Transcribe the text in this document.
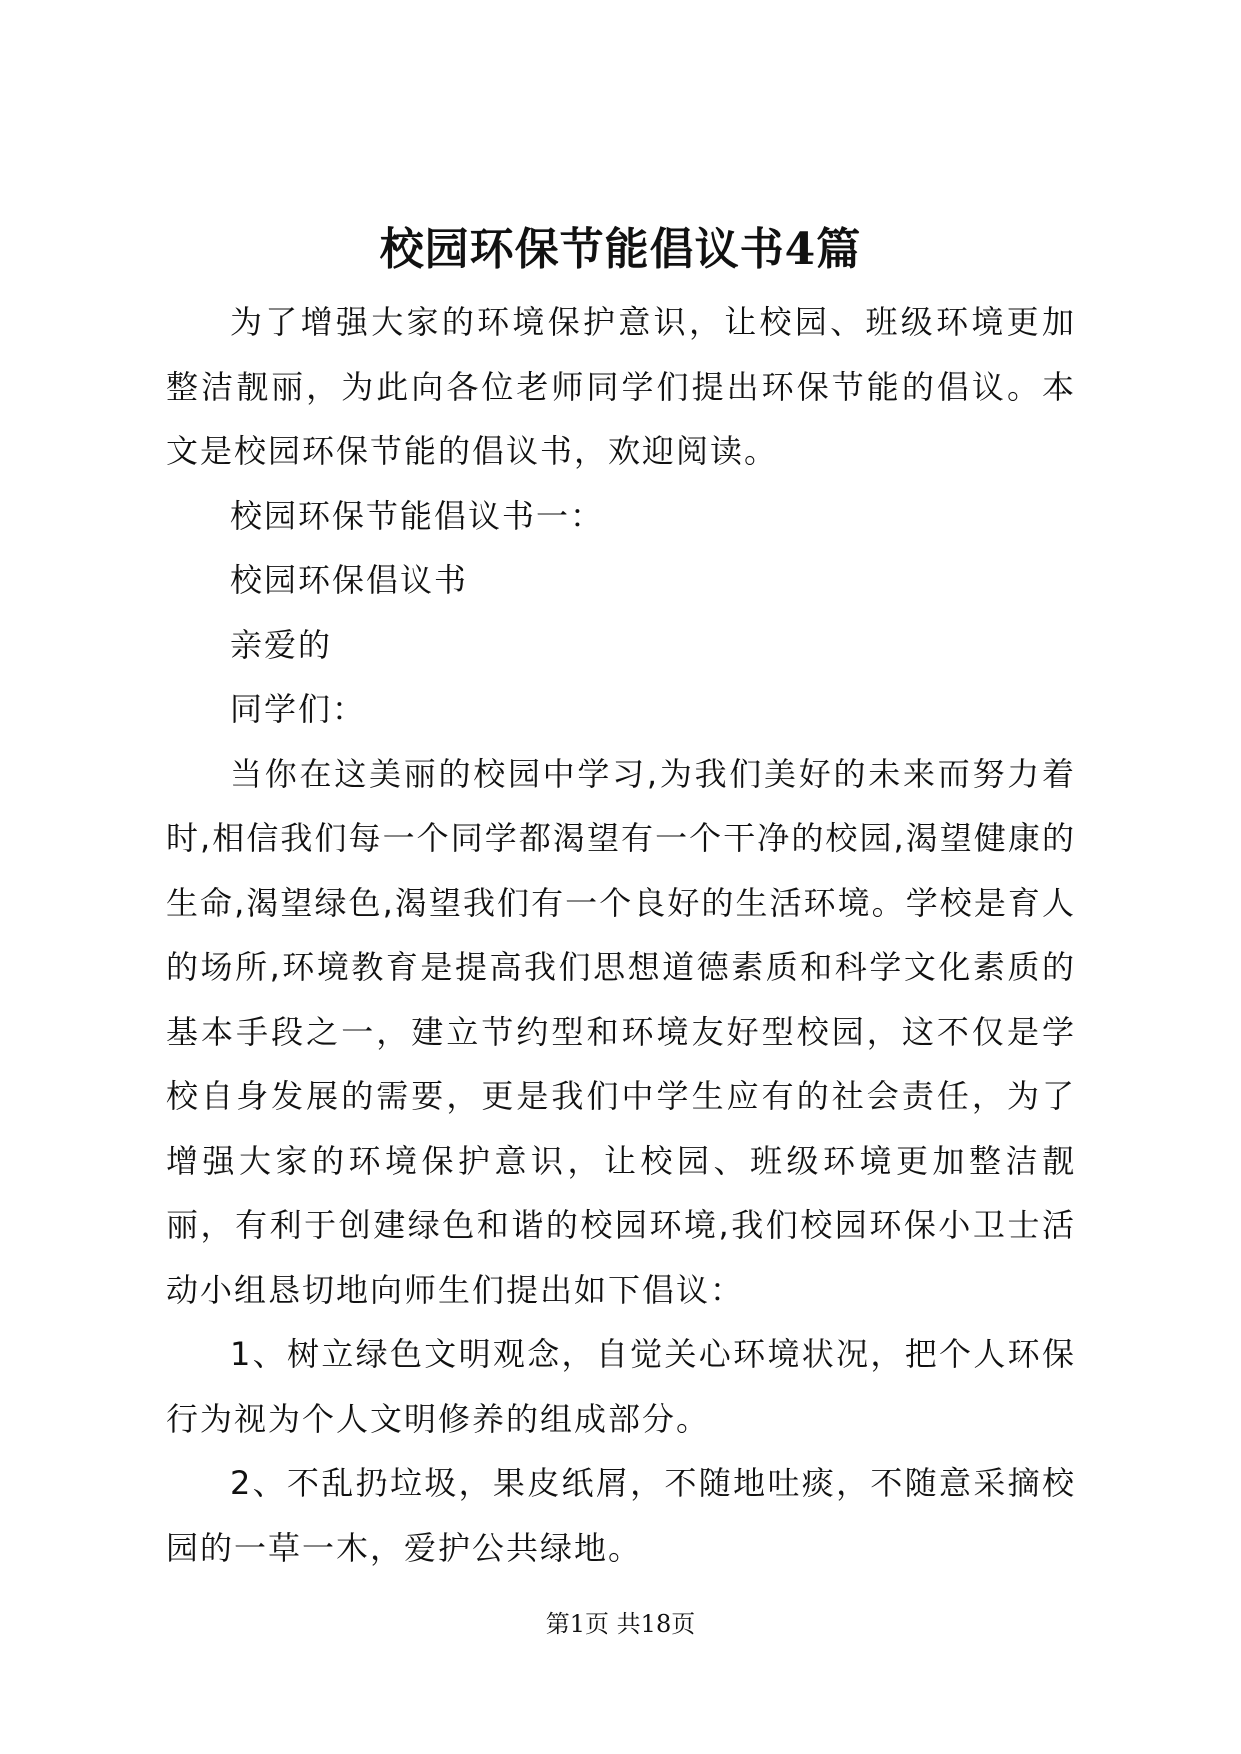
校园环保节能倡议书4篇

为了增强大家的环境保护意识，让校园、班级环境更加整洁靓丽，为此向各位老师同学们提出环保节能的倡议。本文是校园环保节能的倡议书，欢迎阅读。

校园环保节能倡议书一：

校园环保倡议书

亲爱的

同学们：

当你在这美丽的校园中学习,为我们美好的未来而努力着时,相信我们每一个同学都渴望有一个干净的校园,渴望健康的生命,渴望绿色,渴望我们有一个良好的生活环境。学校是育人的场所,环境教育是提高我们思想道德素质和科学文化素质的基本手段之一，建立节约型和环境友好型校园，这不仅是学校自身发展的需要，更是我们中学生应有的社会责任，为了增强大家的环境保护意识，让校园、班级环境更加整洁靓丽，有利于创建绿色和谐的校园环境,我们校园环保小卫士活动小组恳切地向师生们提出如下倡议：

1、树立绿色文明观念，自觉关心环境状况，把个人环保行为视为个人文明修养的组成部分。

2、不乱扔垃圾，果皮纸屑，不随地吐痰，不随意采摘校园的一草一木，爱护公共绿地。

第1页 共18页
